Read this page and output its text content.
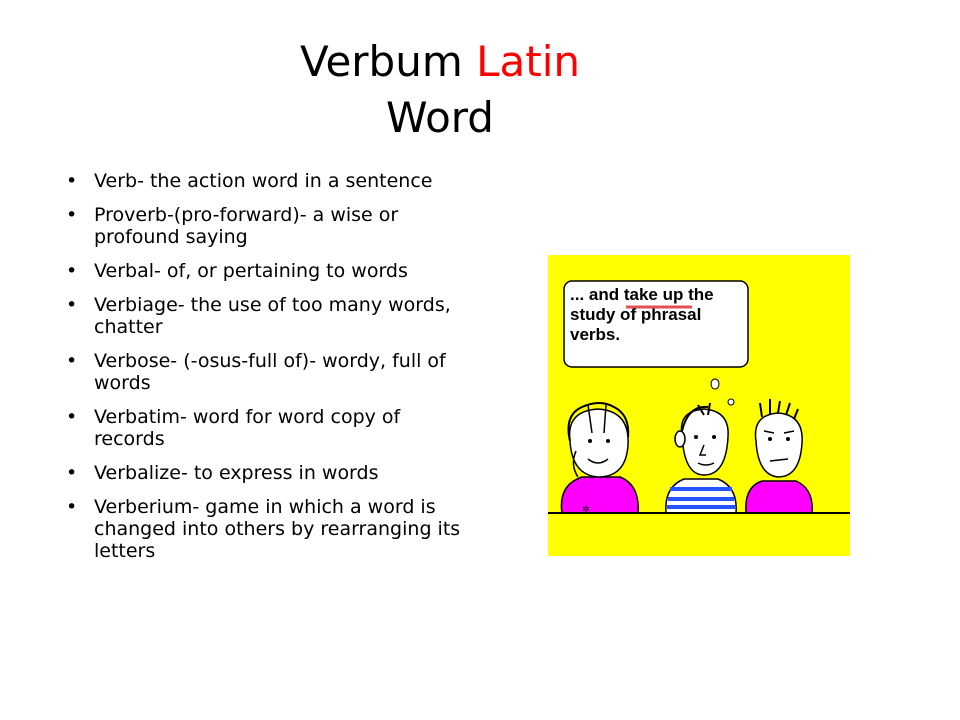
Verbum Latin
Word
• Verb- the action word in a sentence
• Proverb-(pro-forward)- a wise or profound saying
• Verbal- of, or pertaining to words
• Verbiage- the use of too many words, chatter
• Verbose- (-osus-full of)- wordy, full of words
• Verbatim- word for word copy of records
• Verbalize- to express in words
• Verberium- game in which a word is changed into others by rearranging its letters
... and take up the study of phrasal verbs.
✲
